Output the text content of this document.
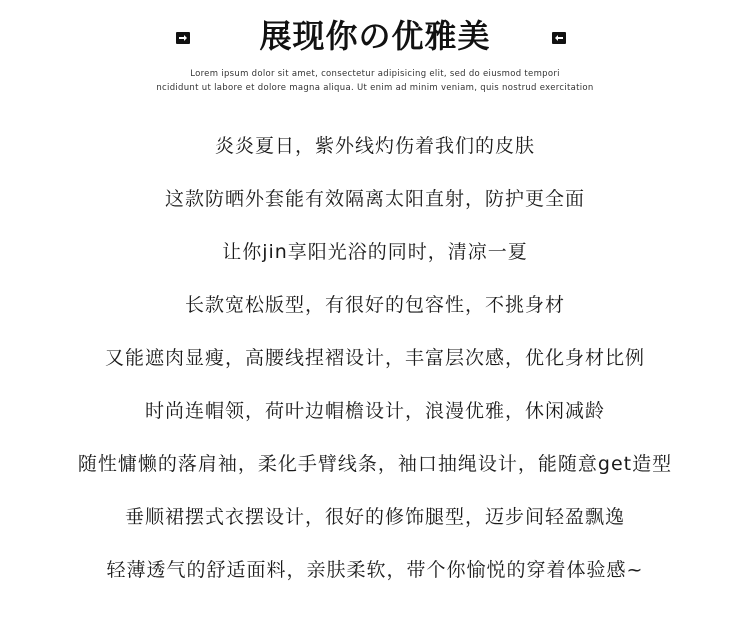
展现你の优雅美
Lorem ipsum dolor sit amet, consectetur adipisicing elit, sed do eiusmod tempori
ncididunt ut labore et dolore magna aliqua. Ut enim ad minim veniam, quis nostrud exercitation
炎炎夏日，紫外线灼伤着我们的皮肤
这款防晒外套能有效隔离太阳直射，防护更全面
让你jin享阳光浴的同时，清凉一夏
长款宽松版型，有很好的包容性，不挑身材
又能遮肉显瘦，高腰线捏褶设计，丰富层次感，优化身材比例
时尚连帽领，荷叶边帽檐设计，浪漫优雅，休闲减龄
随性慵懒的落肩袖，柔化手臂线条，袖口抽绳设计，能随意get造型
垂顺裙摆式衣摆设计，很好的修饰腿型，迈步间轻盈飘逸
轻薄透气的舒适面料，亲肤柔软，带个你愉悦的穿着体验感~
